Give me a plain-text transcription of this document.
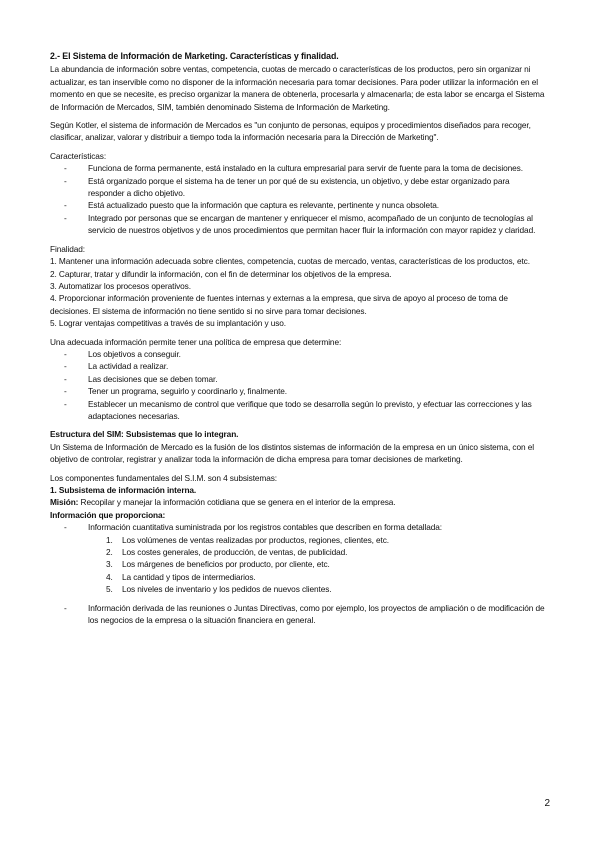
2.- El Sistema de Información de Marketing. Características y finalidad.

La abundancia de información sobre ventas, competencia, cuotas de mercado o características de los productos, pero sin organizar ni actualizar, es tan inservible como no disponer de la información necesaria para tomar decisiones. Para poder utilizar la información en el momento en que se necesite, es preciso organizar la manera de obtenerla, procesarla y almacenarla; de esta labor se encarga el Sistema de Información de Mercados, SIM, también denominado Sistema de Información de Marketing.

Según Kotler, el sistema de información de Mercados es "un conjunto de personas, equipos y procedimientos diseñados para recoger, clasificar, analizar, valorar y distribuir a tiempo toda la información necesaria para la Dirección de Marketing".

Características:

- Funciona de forma permanente, está instalado en la cultura empresarial para servir de fuente para la toma de decisiones.
- Está organizado porque el sistema ha de tener un por qué de su existencia, un objetivo, y debe estar organizado para responder a dicho objetivo.
- Está actualizado puesto que la información que captura es relevante, pertinente y nunca obsoleta.
- Integrado por personas que se encargan de mantener y enriquecer el mismo, acompañado de un conjunto de tecnologías al servicio de nuestros objetivos y de unos procedimientos que permitan hacer fluir la información con mayor rapidez y claridad.

Finalidad:

1. Mantener una información adecuada sobre clientes, competencia, cuotas de mercado, ventas, características de los productos, etc.

2. Capturar, tratar y difundir la información, con el fin de determinar los objetivos de la empresa.

3. Automatizar los procesos operativos.

4. Proporcionar información proveniente de fuentes internas y externas a la empresa, que sirva de apoyo al proceso de toma de decisiones. El sistema de información no tiene sentido si no sirve para tomar decisiones.

5. Lograr ventajas competitivas a través de su implantación y uso.

Una adecuada información permite tener una política de empresa que determine:

- Los objetivos a conseguir.
- La actividad a realizar.
- Las decisiones que se deben tomar.
- Tener un programa, seguirlo y coordinarlo y, finalmente.
- Establecer un mecanismo de control que verifique que todo se desarrolla según lo previsto, y efectuar las correcciones y las adaptaciones necesarias.

Estructura del SIM: Subsistemas que lo integran.

Un Sistema de Información de Mercado es la fusión de los distintos sistemas de información de la empresa en un único sistema, con el objetivo de controlar, registrar y analizar toda la información de dicha empresa para tomar decisiones de marketing.

Los componentes fundamentales del S.I.M. son 4 subsistemas:

1. Subsistema de información interna.

Misión: Recopilar y manejar la información cotidiana que se genera en el interior de la empresa.

Información que proporciona:

- Información cuantitativa suministrada por los registros contables que describen en forma detallada:
1. Los volúmenes de ventas realizadas por productos, regiones, clientes, etc.
2. Los costes generales, de producción, de ventas, de publicidad.
3. Los márgenes de beneficios por producto, por cliente, etc.
4. La cantidad y tipos de intermediarios.
5. Los niveles de inventario y los pedidos de nuevos clientes.
- Información derivada de las reuniones o Juntas Directivas, como por ejemplo, los proyectos de ampliación o de modificación de los negocios de la empresa o la situación financiera en general.
2
